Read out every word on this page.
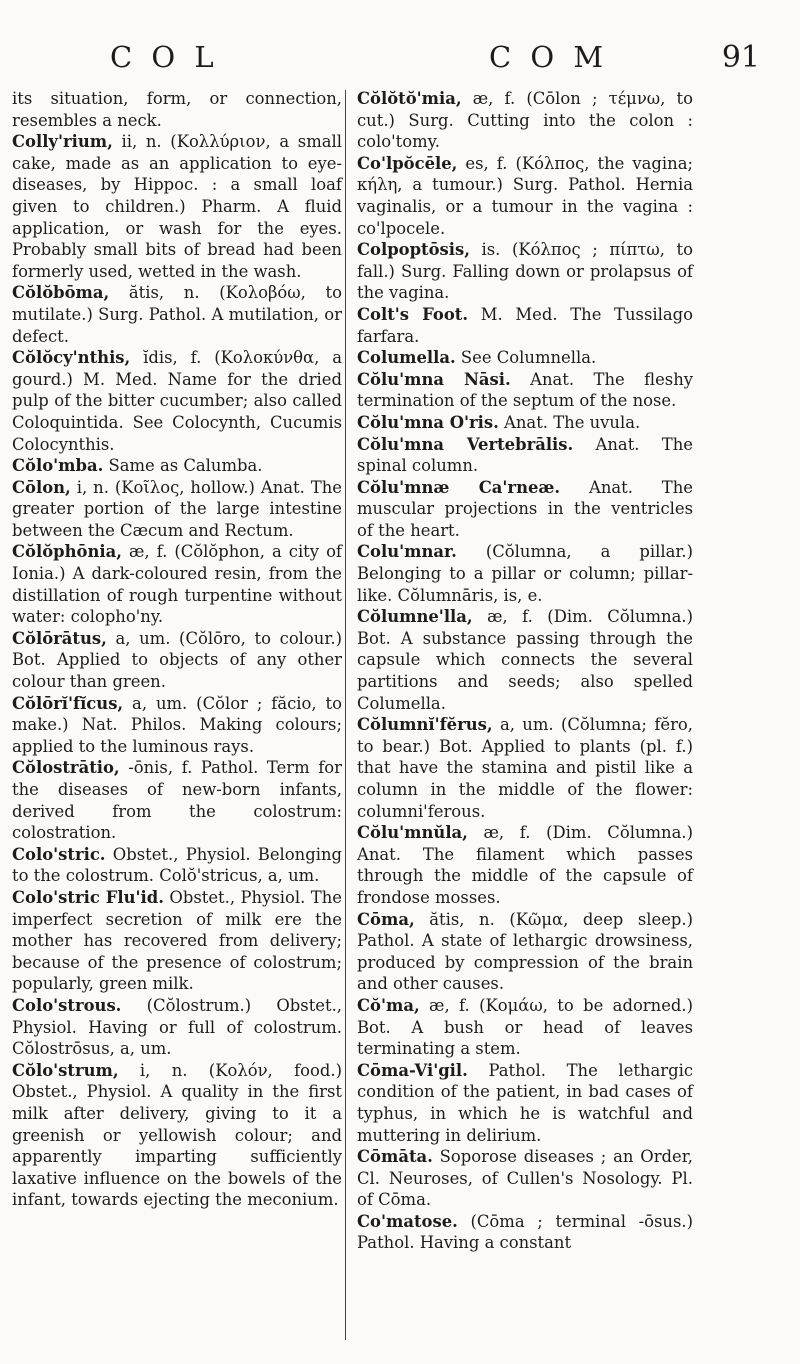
C O L	C O M	91

its situation, form, or connection, resembles a neck.

Colly'rium, ii, n. (Κολλύριον, a small cake, made as an application to eye-diseases, by Hippoc. : a small loaf given to children.) Pharm. A fluid application, or wash for the eyes. Probably small bits of bread had been formerly used, wetted in the wash.

Cŏlŏbōma, ătis, n. (Κολοβόω, to mutilate.) Surg. Pathol. A mutilation, or defect.

Cŏlŏcy'nthis, ĭdis, f. (Κολοκύνθα, a gourd.) M. Med. Name for the dried pulp of the bitter cucumber; also called Coloquintida. See Colocynth, Cucumis Colocynthis.

Cŏlo'mba. Same as Calumba.

Cōlon, i, n. (Κοῖλος, hollow.) Anat. The greater portion of the large intestine between the Cæcum and Rectum.

Cŏlŏphōnia, æ, f. (Cŏlŏphon, a city of Ionia.) A dark-coloured resin, from the distillation of rough turpentine without water: colopho'ny.

Cŏlōrātus, a, um. (Cŏlōro, to colour.) Bot. Applied to objects of any other colour than green.

Cŏlōrĭ'fĭcus, a, um. (Cŏlor ; făcio, to make.) Nat. Philos. Making colours; applied to the luminous rays.

Cŏlostrātio, -ōnis, f. Pathol. Term for the diseases of new-born infants, derived from the colostrum: colostration.

Colo'stric. Obstet., Physiol. Belonging to the colostrum. Colŏ'stricus, a, um.

Colo'stric Flu'id. Obstet., Physiol. The imperfect secretion of milk ere the mother has recovered from delivery; because of the presence of colostrum; popularly, green milk.

Colo'strous. (Cŏlostrum.) Obstet., Physiol. Having or full of colostrum. Cŏlostrōsus, a, um.

Cŏlo'strum, i, n. (Κολόν, food.) Obstet., Physiol. A quality in the first milk after delivery, giving to it a greenish or yellowish colour; and apparently imparting sufficiently laxative influence on the bowels of the infant, towards ejecting the meconium.

Cŏlŏtŏ'mia, æ, f. (Cōlon ; τέμνω, to cut.) Surg. Cutting into the colon : colo'tomy.

Co'lpŏcēle, es, f. (Κόλπος, the vagina; κήλη, a tumour.) Surg. Pathol. Hernia vaginalis, or a tumour in the vagina : co'lpocele.

Colpoptōsis, is. (Κόλπος ; πίπτω, to fall.) Surg. Falling down or prolapsus of the vagina.

Colt's Foot. M. Med. The Tussilago farfara.

Columella. See Columnella.

Cŏlu'mna Nāsi. Anat. The fleshy termination of the septum of the nose.

Cŏlu'mna O'ris. Anat. The uvula.

Cŏlu'mna Vertebrālis. Anat. The spinal column.

Cŏlu'mnæ Ca'rneæ. Anat. The muscular projections in the ventricles of the heart.

Colu'mnar. (Cŏlumna, a pillar.) Belonging to a pillar or column; pillar-like. Cŏlumnāris, is, e.

Cŏlumne'lla, æ, f. (Dim. Cŏlumna.) Bot. A substance passing through the capsule which connects the several partitions and seeds; also spelled Columella.

Cŏlumnĭ'fĕrus, a, um. (Cŏlumna; fĕro, to bear.) Bot. Applied to plants (pl. f.) that have the stamina and pistil like a column in the middle of the flower: columni'ferous.

Cŏlu'mnŭla, æ, f. (Dim. Cŏlumna.) Anat. The filament which passes through the middle of the capsule of frondose mosses.

Cōma, ătis, n. (Κῶμα, deep sleep.) Pathol. A state of lethargic drowsiness, produced by compression of the brain and other causes.

Cŏ'ma, æ, f. (Κομάω, to be adorned.) Bot. A bush or head of leaves terminating a stem.

Cōma-Vi'gil. Pathol. The lethargic condition of the patient, in bad cases of typhus, in which he is watchful and muttering in delirium.

Cōmāta. Soporose diseases ; an Order, Cl. Neuroses, of Cullen's Nosology. Pl. of Cōma.

Co'matose. (Cōma ; terminal -ōsus.) Pathol. Having a constant
